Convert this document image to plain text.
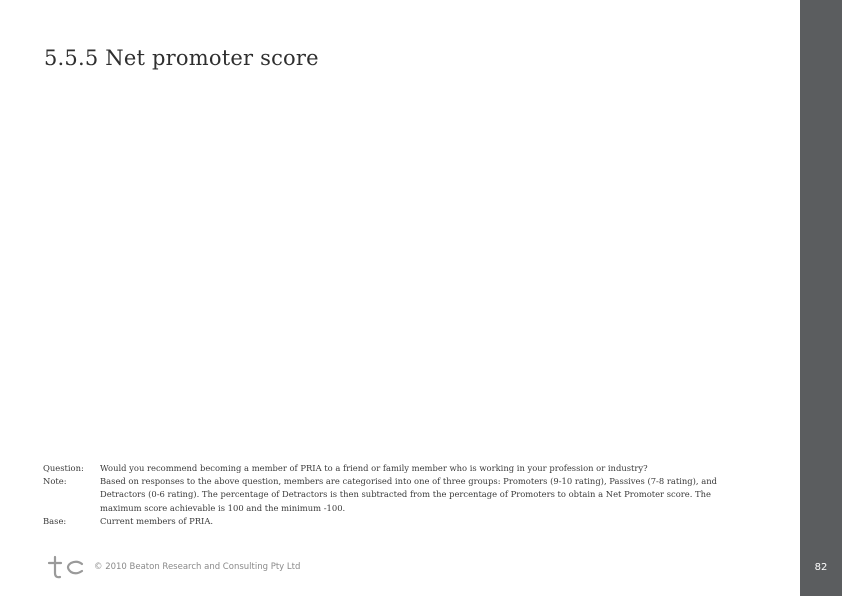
5.5.5 Net promoter score
Question:	Would you recommend becoming a member of PRIA to a friend or family member who is working in your profession or industry?
Note:	Based on responses to the above question, members are categorised into one of three groups: Promoters (9-10 rating), Passives (7-8 rating), and Detractors (0-6 rating). The percentage of Detractors is then subtracted from the percentage of Promoters to obtain a Net Promoter score. The maximum score achievable is 100 and the minimum -100.
Base:	Current members of PRIA.
© 2010 Beaton Research and Consulting Pty Ltd	82
